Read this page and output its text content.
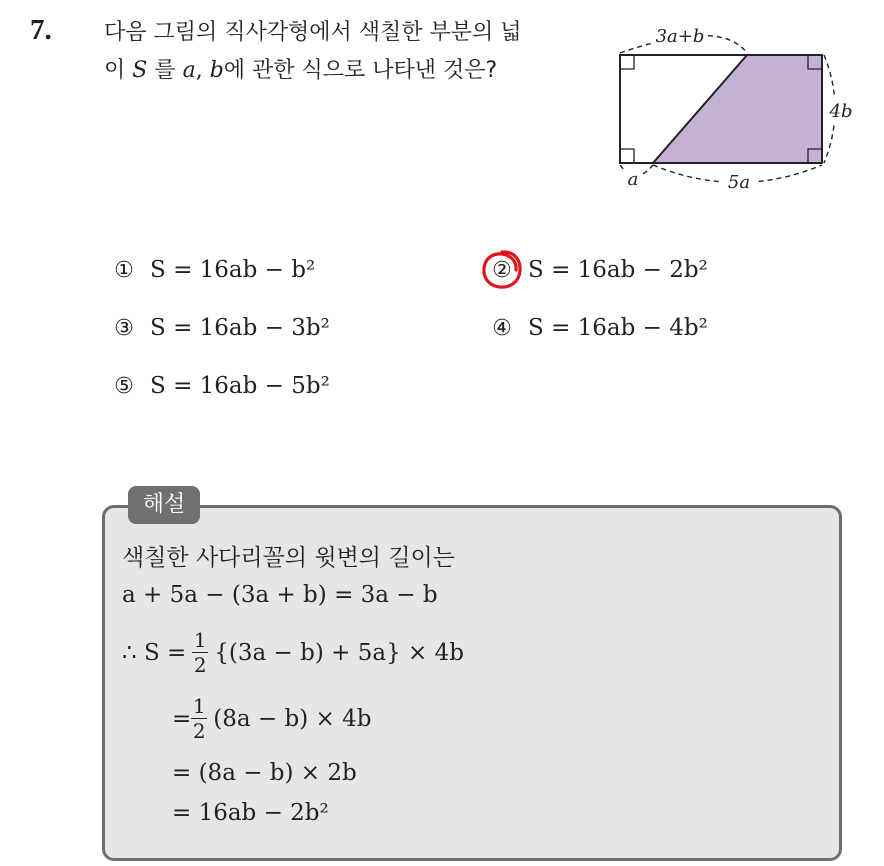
7. 다음 그림의 직사각형에서 색칠한 부분의 넓
이 S 를 a, b에 관한 식으로 나타낸 것은?
3a+b
4b
a	5a
① S = 16ab − b²	② S = 16ab − 2b²
③ S = 16ab − 3b²	④ S = 16ab − 4b²
⑤ S = 16ab − 5b²
해설
색칠한 사다리꼴의 윗변의 길이는
a + 5a − (3a + b) = 3a − b
∴ $S = \frac{1}{2} \{(3a - b) + 5a\} \times 4b$
= $\frac{1}{2} (8a - b) \times 4b$
= (8a − b) × 2b
= 16ab − 2b²
